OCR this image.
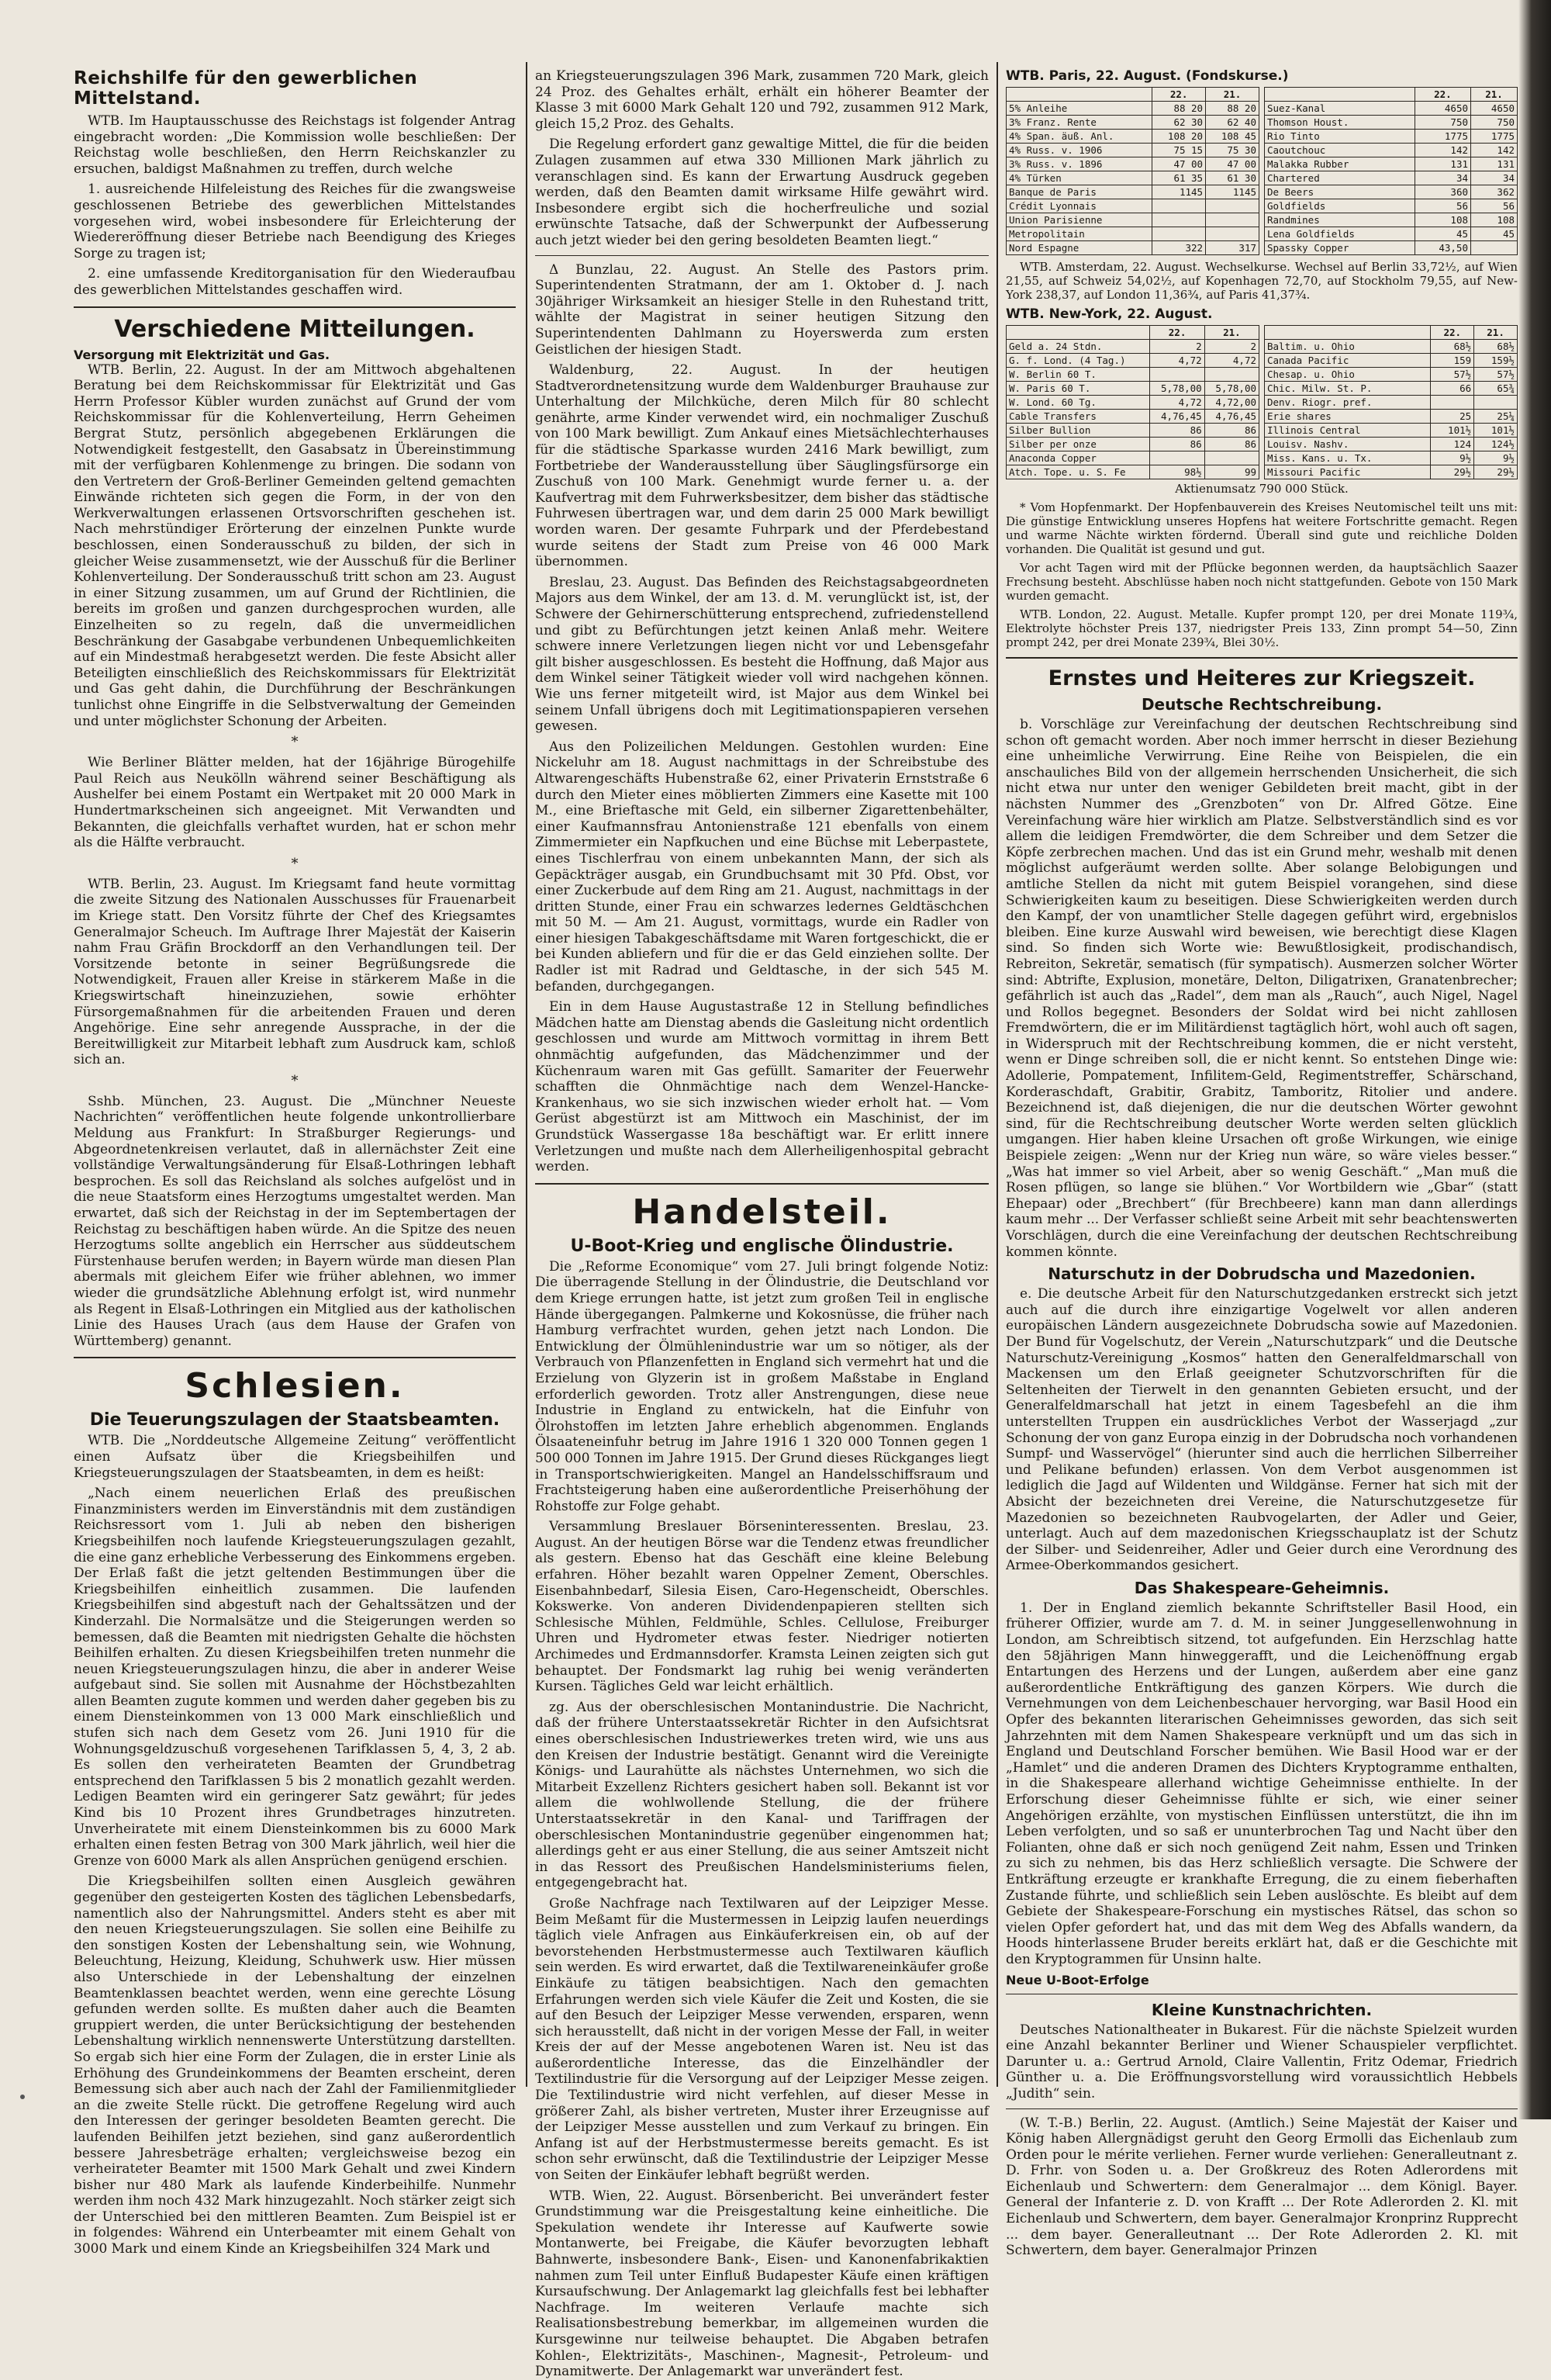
Reichshilfe für den gewerblichen Mittelstand.

WTB. Im Hauptausschusse des Reichstags ist folgender Antrag eingebracht worden: „Die Kommission wolle beschließen: Der Reichstag wolle beschließen, den Herrn Reichskanzler zu ersuchen, baldigst Maßnahmen zu treffen, durch welche

1. ausreichende Hilfeleistung des Reiches für die zwangsweise geschlossenen Betriebe des gewerblichen Mittelstandes vorgesehen wird, wobei insbesondere für Erleichterung der Wiedereröffnung dieser Betriebe nach Beendigung des Krieges Sorge zu tragen ist;

2. eine umfassende Kreditorganisation für den Wiederaufbau des gewerblichen Mittelstandes geschaffen wird.

Verschiedene Mitteilungen.
Versorgung mit Elektrizität und Gas.

WTB. Berlin, 22. August. In der am Mittwoch abgehaltenen Beratung bei dem Reichskommissar für Elektrizität und Gas Herrn Professor Kübler wurden zunächst auf Grund der vom Reichskommissar für die Kohlenverteilung, Herrn Geheimen Bergrat Stutz, persönlich abgegebenen Erklärungen die Notwendigkeit festgestellt, den Gasabsatz in Übereinstimmung mit der verfügbaren Kohlenmenge zu bringen. Die sodann von den Vertretern der Groß-Berliner Gemeinden geltend gemachten Einwände richteten sich gegen die Form, in der von den Werkverwaltungen erlassenen Ortsvorschriften geschehen ist. Nach mehrstündiger Erörterung der einzelnen Punkte wurde beschlossen, einen Sonderausschuß zu bilden, der sich in gleicher Weise zusammensetzt, wie der Ausschuß für die Berliner Kohlenverteilung. Der Sonderausschuß tritt schon am 23. August in einer Sitzung zusammen, um auf Grund der Richtlinien, die bereits im großen und ganzen durchgesprochen wurden, alle Einzelheiten so zu regeln, daß die unvermeidlichen Beschränkung der Gasabgabe verbundenen Unbequemlichkeiten auf ein Mindestmaß herabgesetzt werden. Die feste Absicht aller Beteiligten einschließlich des Reichskommissars für Elektrizität und Gas geht dahin, die Durchführung der Beschränkungen tunlichst ohne Eingriffe in die Selbstverwaltung der Gemeinden und unter möglichster Schonung der Arbeiten.

*

Wie Berliner Blätter melden, hat der 16jährige Bürogehilfe Paul Reich aus Neukölln während seiner Beschäftigung als Aushelfer bei einem Postamt ein Wertpaket mit 20 000 Mark in Hundertmarkscheinen sich angeeignet. Mit Verwandten und Bekannten, die gleichfalls verhaftet wurden, hat er schon mehr als die Hälfte verbraucht.

*

WTB. Berlin, 23. August. Im Kriegsamt fand heute vormittag die zweite Sitzung des Nationalen Ausschusses für Frauenarbeit im Kriege statt. Den Vorsitz führte der Chef des Kriegsamtes Generalmajor Scheuch. Im Auftrage Ihrer Majestät der Kaiserin nahm Frau Gräfin Brockdorff an den Verhandlungen teil. Der Vorsitzende betonte in seiner Begrüßungsrede die Notwendigkeit, Frauen aller Kreise in stärkerem Maße in die Kriegswirtschaft hineinzuziehen, sowie erhöhter Fürsorgemaßnahmen für die arbeitenden Frauen und deren Angehörige. Eine sehr anregende Aussprache, in der die Bereitwilligkeit zur Mitarbeit lebhaft zum Ausdruck kam, schloß sich an.

*

Sshb. München, 23. August. Die „Münchner Neueste Nachrichten“ veröffentlichen heute folgende unkontrollierbare Meldung aus Frankfurt: In Straßburger Regierungs- und Abgeordnetenkreisen verlautet, daß in allernächster Zeit eine vollständige Verwaltungsänderung für Elsaß-Lothringen lebhaft besprochen. Es soll das Reichsland als solches aufgelöst und in die neue Staatsform eines Herzogtums umgestaltet werden. Man erwartet, daß sich der Reichstag in der im Septembertagen der Reichstag zu beschäftigen haben würde. An die Spitze des neuen Herzogtums sollte angeblich ein Herrscher aus süddeutschem Fürstenhause berufen werden; in Bayern würde man diesen Plan abermals mit gleichem Eifer wie früher ablehnen, wo immer wieder die grundsätzliche Ablehnung erfolgt ist, wird nunmehr als Regent in Elsaß-Lothringen ein Mitglied aus der katholischen Linie des Hauses Urach (aus dem Hause der Grafen von Württemberg) genannt.

Schlesien.
Die Teuerungszulagen der Staatsbeamten.

WTB. Die „Norddeutsche Allgemeine Zeitung“ veröffentlicht einen Aufsatz über die Kriegsbeihilfen und Kriegsteuerungszulagen der Staatsbeamten, in dem es heißt:

„Nach einem neuerlichen Erlaß des preußischen Finanzministers werden im Einverständnis mit dem zuständigen Reichsressort vom 1. Juli ab neben den bisherigen Kriegsbeihilfen noch laufende Kriegsteuerungszulagen gezahlt, die eine ganz erhebliche Verbesserung des Einkommens ergeben. Der Erlaß faßt die jetzt geltenden Bestimmungen über die Kriegsbeihilfen einheitlich zusammen. Die laufenden Kriegsbeihilfen sind abgestuft nach der Gehaltssätzen und der Kinderzahl. Die Normalsätze und die Steigerungen werden so bemessen, daß die Beamten mit niedrigsten Gehalte die höchsten Beihilfen erhalten. Zu diesen Kriegsbeihilfen treten nunmehr die neuen Kriegsteuerungszulagen hinzu, die aber in anderer Weise aufgebaut sind. Sie sollen mit Ausnahme der Höchstbezahlten allen Beamten zugute kommen und werden daher gegeben bis zu einem Diensteinkommen von 13 000 Mark einschließlich und stufen sich nach dem Gesetz vom 26. Juni 1910 für die Wohnungsgeldzuschuß vorgesehenen Tarifklassen 5, 4, 3, 2 ab. Es sollen den verheirateten Beamten der Grundbetrag entsprechend den Tarifklassen 5 bis 2 monatlich gezahlt werden. Ledigen Beamten wird ein geringerer Satz gewährt; für jedes Kind bis 10 Prozent ihres Grundbetrages hinzutreten. Unverheiratete mit einem Diensteinkommen bis zu 6000 Mark erhalten einen festen Betrag von 300 Mark jährlich, weil hier die Grenze von 6000 Mark als allen Ansprüchen genügend erschien.

Die Kriegsbeihilfen sollten einen Ausgleich gewähren gegenüber den gesteigerten Kosten des täglichen Lebensbedarfs, namentlich also der Nahrungsmittel. Anders steht es aber mit den neuen Kriegsteuerungszulagen. Sie sollen eine Beihilfe zu den sonstigen Kosten der Lebenshaltung sein, wie Wohnung, Beleuchtung, Heizung, Kleidung, Schuhwerk usw. Hier müssen also Unterschiede in der Lebenshaltung der einzelnen Beamtenklassen beachtet werden, wenn eine gerechte Lösung gefunden werden sollte. Es mußten daher auch die Beamten gruppiert werden, die unter Berücksichtigung der bestehenden Lebenshaltung wirklich nennenswerte Unterstützung darstellten. So ergab sich hier eine Form der Zulagen, die in erster Linie als Erhöhung des Grundeinkommens der Beamten erscheint, deren Bemessung sich aber auch nach der Zahl der Familienmitglieder an die zweite Stelle rückt. Die getroffene Regelung wird auch den Interessen der geringer besoldeten Beamten gerecht. Die laufenden Beihilfen jetzt beziehen, sind ganz außerordentlich bessere Jahresbeträge erhalten; vergleichsweise bezog ein verheirateter Beamter mit 1500 Mark Gehalt und zwei Kindern bisher nur 480 Mark als laufende Kinderbeihilfe. Nunmehr werden ihm noch 432 Mark hinzugezahlt. Noch stärker zeigt sich der Unterschied bei den mittleren Beamten. Zum Beispiel ist er in folgendes: Während ein Unterbeamter mit einem Gehalt von 3000 Mark und einem Kinde an Kriegsbeihilfen 324 Mark und

an Kriegsteuerungszulagen 396 Mark, zusammen 720 Mark, gleich 24 Proz. des Gehaltes erhält, erhält ein höherer Beamter der Klasse 3 mit 6000 Mark Gehalt 120 und 792, zusammen 912 Mark, gleich 15,2 Proz. des Gehalts.

Die Regelung erfordert ganz gewaltige Mittel, die für die beiden Zulagen zusammen auf etwa 330 Millionen Mark jährlich zu veranschlagen sind. Es kann der Erwartung Ausdruck gegeben werden, daß den Beamten damit wirksame Hilfe gewährt wird. Insbesondere ergibt sich die hocherfreuliche und sozial erwünschte Tatsache, daß der Schwerpunkt der Aufbesserung auch jetzt wieder bei den gering besoldeten Beamten liegt.“

Δ Bunzlau, 22. August. An Stelle des Pastors prim. Superintendenten Stratmann, der am 1. Oktober d. J. nach 30jähriger Wirksamkeit an hiesiger Stelle in den Ruhestand tritt, wählte der Magistrat in seiner heutigen Sitzung den Superintendenten Dahlmann zu Hoyerswerda zum ersten Geistlichen der hiesigen Stadt.

Waldenburg, 22. August. In der heutigen Stadtverordnetensitzung wurde dem Waldenburger Brauhause zur Unterhaltung der Milchküche, deren Milch für 80 schlecht genährte, arme Kinder verwendet wird, ein nochmaliger Zuschuß von 100 Mark bewilligt. Zum Ankauf eines Mietsächlechterhauses für die städtische Sparkasse wurden 2416 Mark bewilligt, zum Fortbetriebe der Wanderausstellung über Säuglingsfürsorge ein Zuschuß von 100 Mark. Genehmigt wurde ferner u. a. der Kaufvertrag mit dem Fuhrwerksbesitzer, dem bisher das städtische Fuhrwesen übertragen war, und dem darin 25 000 Mark bewilligt worden waren. Der gesamte Fuhrpark und der Pferdebestand wurde seitens der Stadt zum Preise von 46 000 Mark übernommen.

Breslau, 23. August. Das Befinden des Reichstagsabgeordneten Majors aus dem Winkel, der am 13. d. M. verunglückt ist, ist, der Schwere der Gehirnerschütterung entsprechend, zufriedenstellend und gibt zu Befürchtungen jetzt keinen Anlaß mehr. Weitere schwere innere Verletzungen liegen nicht vor und Lebensgefahr gilt bisher ausgeschlossen. Es besteht die Hoffnung, daß Major aus dem Winkel seiner Tätigkeit wieder voll wird nachgehen können. Wie uns ferner mitgeteilt wird, ist Major aus dem Winkel bei seinem Unfall übrigens doch mit Legitimationspapieren versehen gewesen.

Aus den Polizeilichen Meldungen. Gestohlen wurden: Eine Nickeluhr am 18. August nachmittags in der Schreibstube des Altwarengeschäfts Hubenstraße 62, einer Privaterin Ernststraße 6 durch den Mieter eines möblierten Zimmers eine Kasette mit 100 M., eine Brieftasche mit Geld, ein silberner Zigarettenbehälter, einer Kaufmannsfrau Antonienstraße 121 ebenfalls von einem Zimmermieter ein Napfkuchen und eine Büchse mit Leberpastete, eines Tischlerfrau von einem unbekannten Mann, der sich als Gepäckträger ausgab, ein Grundbuchsamt mit 30 Pfd. Obst, vor einer Zuckerbude auf dem Ring am 21. August, nachmittags in der dritten Stunde, einer Frau ein schwarzes ledernes Geldtäschchen mit 50 M. — Am 21. August, vormittags, wurde ein Radler von einer hiesigen Tabakgeschäftsdame mit Waren fortgeschickt, die er bei Kunden abliefern und für die er das Geld einziehen sollte. Der Radler ist mit Radrad und Geldtasche, in der sich 545 M. befanden, durchgegangen.

Ein in dem Hause Augustastraße 12 in Stellung befindliches Mädchen hatte am Dienstag abends die Gasleitung nicht ordentlich geschlossen und wurde am Mittwoch vormittag in ihrem Bett ohnmächtig aufgefunden, das Mädchenzimmer und der Küchenraum waren mit Gas gefüllt. Samariter der Feuerwehr schafften die Ohnmächtige nach dem Wenzel-Hancke-Krankenhaus, wo sie sich inzwischen wieder erholt hat. — Vom Gerüst abgestürzt ist am Mittwoch ein Maschinist, der im Grundstück Wassergasse 18a beschäftigt war. Er erlitt innere Verletzungen und mußte nach dem Allerheiligenhospital gebracht werden.

Handelsteil.
U-Boot-Krieg und englische Ölindustrie.

Die „Reforme Economique“ vom 27. Juli bringt folgende Notiz: Die überragende Stellung in der Ölindustrie, die Deutschland vor dem Kriege errungen hatte, ist jetzt zum großen Teil in englische Hände übergegangen. Palmkerne und Kokosnüsse, die früher nach Hamburg verfrachtet wurden, gehen jetzt nach London. Die Entwicklung der Ölmühlenindustrie war um so nötiger, als der Verbrauch von Pflanzenfetten in England sich vermehrt hat und die Erzielung von Glyzerin ist in großem Maßstabe in England erforderlich geworden. Trotz aller Anstrengungen, diese neue Industrie in England zu entwickeln, hat die Einfuhr von Ölrohstoffen im letzten Jahre erheblich abgenommen. Englands Ölsaateneinfuhr betrug im Jahre 1916 1 320 000 Tonnen gegen 1 500 000 Tonnen im Jahre 1915. Der Grund dieses Rückganges liegt in Transportschwierigkeiten. Mangel an Handelsschiffsraum und Frachtsteigerung haben eine außerordentliche Preiserhöhung der Rohstoffe zur Folge gehabt.

Versammlung Breslauer Börseninteressenten. Breslau, 23. August. An der heutigen Börse war die Tendenz etwas freundlicher als gestern. Ebenso hat das Geschäft eine kleine Belebung erfahren. Höher bezahlt waren Oppelner Zement, Oberschles. Eisenbahnbedarf, Silesia Eisen, Caro-Hegenscheidt, Oberschles. Kokswerke. Von anderen Dividendenpapieren stellten sich Schlesische Mühlen, Feldmühle, Schles. Cellulose, Freiburger Uhren und Hydrometer etwas fester. Niedriger notierten Archimedes und Erdmannsdorfer. Kramsta Leinen zeigten sich gut behauptet. Der Fondsmarkt lag ruhig bei wenig veränderten Kursen. Tägliches Geld war leicht erhältlich.

zg. Aus der oberschlesischen Montanindustrie. Die Nachricht, daß der frühere Unterstaatssekretär Richter in den Aufsichtsrat eines oberschlesischen Industriewerkes treten wird, wie uns aus den Kreisen der Industrie bestätigt. Genannt wird die Vereinigte Königs- und Laurahütte als nächstes Unternehmen, wo sich die Mitarbeit Exzellenz Richters gesichert haben soll. Bekannt ist vor allem die wohlwollende Stellung, die der frühere Unterstaatssekretär in den Kanal- und Tariffragen der oberschlesischen Montanindustrie gegenüber eingenommen hat; allerdings geht er aus einer Stellung, die aus seiner Amtszeit nicht in das Ressort des Preußischen Handelsministeriums fielen, entgegengebracht hat.

Große Nachfrage nach Textilwaren auf der Leipziger Messe. Beim Meßamt für die Mustermessen in Leipzig laufen neuerdings täglich viele Anfragen aus Einkäuferkreisen ein, ob auf der bevorstehenden Herbstmustermesse auch Textilwaren käuflich sein werden. Es wird erwartet, daß die Textilwareneinkäufer große Einkäufe zu tätigen beabsichtigen. Nach den gemachten Erfahrungen werden sich viele Käufer die Zeit und Kosten, die sie auf den Besuch der Leipziger Messe verwenden, ersparen, wenn sich herausstellt, daß nicht in der vorigen Messe der Fall, in weiter Kreis der auf der Messe angebotenen Waren ist. Neu ist das außerordentliche Interesse, das die Einzelhändler der Textilindustrie für die Versorgung auf der Leipziger Messe zeigen. Die Textilindustrie wird nicht verfehlen, auf dieser Messe in größerer Zahl, als bisher vertreten, Muster ihrer Erzeugnisse auf der Leipziger Messe ausstellen und zum Verkauf zu bringen. Ein Anfang ist auf der Herbstmustermesse bereits gemacht. Es ist schon sehr erwünscht, daß die Textilindustrie der Leipziger Messe von Seiten der Einkäufer lebhaft begrüßt werden.

WTB. Wien, 22. August. Börsenbericht. Bei unverändert fester Grundstimmung war die Preisgestaltung keine einheitliche. Die Spekulation wendete ihr Interesse auf Kaufwerte sowie Montanwerte, bei Freigabe, die Käufer bevorzugten lebhaft Bahnwerte, insbesondere Bank-, Eisen- und Kanonenfabrikaktien nahmen zum Teil unter Einfluß Budapester Käufe einen kräftigen Kursaufschwung. Der Anlagemarkt lag gleichfalls fest bei lebhafter Nachfrage. Im weiteren Verlaufe machte sich Realisationsbestrebung bemerkbar, im allgemeinen wurden die Kursgewinne nur teilweise behauptet. Die Abgaben betrafen Kohlen-, Elektrizitäts-, Maschinen-, Magnesit-, Petroleum- und Dynamitwerte. Der Anlagemarkt war unverändert fest.

WTB. Paris, 22. August. (Fondskurse.)
	22.	21.
5% Anleihe	88 20	88 20
3% Franz. Rente	62 30	62 40
4% Span. äuß. Anl.	108 20	108 45
4% Russ. v. 1906	75 15	75 30
3% Russ. v. 1896	47 00	47 00
4% Türken	61 35	61 30
Banque de Paris	1145	1145
Crédit Lyonnais		
Union Parisienne		
Metropolitain		
Nord Espagne	322	317
	22.	21.
Suez-Kanal	4650	4650
Thomson Houst.	750	750
Rio Tinto	1775	1775
Caoutchouc	142	142
Malakka Rubber	131	131
Chartered	34	34
De Beers	360	362
Goldfields	56	56
Randmines	108	108
Lena Goldfields	45	45
Spassky Copper	43,50	

WTB. Amsterdam, 22. August. Wechselkurse. Wechsel auf Berlin 33,72½, auf Wien 21,55, auf Schweiz 54,02½, auf Kopenhagen 72,70, auf Stockholm 79,55, auf New-York 238,37, auf London 11,36¾, auf Paris 41,37¾.

WTB. New-York, 22. August.
	22.	21.
Geld a. 24 Stdn.	2	2
G. f. Lond. (4 Tag.)	4,72	4,72
W. Berlin 60 T.		
W. Paris 60 T.	5,78,00	5,78,00
W. Lond. 60 Tg.	4,72	4,72,00
Cable Transfers	4,76,45	4,76,45
Silber Bullion	86	86
Silber per onze	86	86
Anaconda Copper		
Atch. Tope. u. S. Fe	98½	99
	22.	21.
Baltim. u. Ohio	68½	68½
Canada Pacific	159	159½
Chesap. u. Ohio	57½	57½
Chic. Milw. St. P.	66	65¾
Denv. Riogr. pref.		
Erie shares	25	25¼
Illinois Central	101½	101½
Louisv. Nashv.	124	124½
Miss. Kans. u. Tx.	9½	9½
Missouri Pacific	29½	29½
Aktienumsatz 790 000 Stück.

* Vom Hopfenmarkt. Der Hopfenbauverein des Kreises Neutomischel teilt uns mit: Die günstige Entwicklung unseres Hopfens hat weitere Fortschritte gemacht. Regen und warme Nächte wirkten fördernd. Überall sind gute und reichliche Dolden vorhanden. Die Qualität ist gesund und gut.

Vor acht Tagen wird mit der Pflücke begonnen werden, da hauptsächlich Saazer Frechsung besteht. Abschlüsse haben noch nicht stattgefunden. Gebote von 150 Mark wurden gemacht.

WTB. London, 22. August. Metalle. Kupfer prompt 120, per drei Monate 119¾, Elektrolyte höchster Preis 137, niedrigster Preis 133, Zinn prompt 54—50, Zinn prompt 242, per drei Monate 239¾, Blei 30½.

Ernstes und Heiteres zur Kriegszeit.
Deutsche Rechtschreibung.

b. Vorschläge zur Vereinfachung der deutschen Rechtschreibung sind schon oft gemacht worden. Aber noch immer herrscht in dieser Beziehung eine unheimliche Verwirrung. Eine Reihe von Beispielen, die ein anschauliches Bild von der allgemein herrschenden Unsicherheit, die sich nicht etwa nur unter den weniger Gebildeten breit macht, gibt in der nächsten Nummer des „Grenzboten“ von Dr. Alfred Götze. Eine Vereinfachung wäre hier wirklich am Platze. Selbstverständlich sind es vor allem die leidigen Fremdwörter, die dem Schreiber und dem Setzer die Köpfe zerbrechen machen. Und das ist ein Grund mehr, weshalb mit denen möglichst aufgeräumt werden sollte. Aber solange Belobigungen und amtliche Stellen da nicht mit gutem Beispiel vorangehen, sind diese Schwierigkeiten kaum zu beseitigen. Diese Schwierigkeiten werden durch den Kampf, der von unamtlicher Stelle dagegen geführt wird, ergebnislos bleiben. Eine kurze Auswahl wird beweisen, wie berechtigt diese Klagen sind. So finden sich Worte wie: Bewußtlosigkeit, prodischandisch, Rebreiton, Sekretär, sematisch (für sympatisch). Ausmerzen solcher Wörter sind: Abtrifte, Explusion, monetäre, Delton, Diligatrixen, Granatenbrecher; gefährlich ist auch das „Radel“, dem man als „Rauch“, auch Nigel, Nagel und Rollos begegnet. Besonders der Soldat wird bei nicht zahllosen Fremdwörtern, die er im Militärdienst tagtäglich hört, wohl auch oft sagen, in Widerspruch mit der Rechtschreibung kommen, die er nicht versteht, wenn er Dinge schreiben soll, die er nicht kennt. So entstehen Dinge wie: Adollerie, Pompatement, Infilitem-Geld, Regimentstreffer, Schärschand, Korderaschdaft, Grabitir, Grabitz, Tamboritz, Ritolier und andere. Bezeichnend ist, daß diejenigen, die nur die deutschen Wörter gewohnt sind, für die Rechtschreibung deutscher Worte werden selten glücklich umgangen. Hier haben kleine Ursachen oft große Wirkungen, wie einige Beispiele zeigen: „Wenn nur der Krieg nun wäre, so wäre vieles besser.“ „Was hat immer so viel Arbeit, aber so wenig Geschäft.“ „Man muß die Rosen pflügen, so lange sie blühen.“ Vor Wortbildern wie „Gbar“ (statt Ehepaar) oder „Brechbert“ (für Brechbeere) kann man dann allerdings kaum mehr ... Der Verfasser schließt seine Arbeit mit sehr beachtenswerten Vorschlägen, durch die eine Vereinfachung der deutschen Rechtschreibung kommen könnte.

Naturschutz in der Dobrudscha und Mazedonien.

e. Die deutsche Arbeit für den Naturschutzgedanken erstreckt sich jetzt auch auf die durch ihre einzigartige Vogelwelt vor allen anderen europäischen Ländern ausgezeichnete Dobrudscha sowie auf Mazedonien. Der Bund für Vogelschutz, der Verein „Naturschutzpark“ und die Deutsche Naturschutz-Vereinigung „Kosmos“ hatten den Generalfeldmarschall von Mackensen um den Erlaß geeigneter Schutzvorschriften für die Seltenheiten der Tierwelt in den genannten Gebieten ersucht, und der Generalfeldmarschall hat jetzt in einem Tagesbefehl an die ihm unterstellten Truppen ein ausdrückliches Verbot der Wasserjagd „zur Schonung der von ganz Europa einzig in der Dobrudscha noch vorhandenen Sumpf- und Wasservögel“ (hierunter sind auch die herrlichen Silberreiher und Pelikane befunden) erlassen. Von dem Verbot ausgenommen ist lediglich die Jagd auf Wildenten und Wildgänse. Ferner hat sich mit der Absicht der bezeichneten drei Vereine, die Naturschutzgesetze für Mazedonien so bezeichneten Raubvogelarten, der Adler und Geier, unterlagt. Auch auf dem mazedonischen Kriegsschauplatz ist der Schutz der Silber- und Seidenreiher, Adler und Geier durch eine Verordnung des Armee-Oberkommandos gesichert.

Das Shakespeare-Geheimnis.

1. Der in England ziemlich bekannte Schriftsteller Basil Hood, ein früherer Offizier, wurde am 7. d. M. in seiner Junggesellenwohnung in London, am Schreibtisch sitzend, tot aufgefunden. Ein Herzschlag hatte den 58jährigen Mann hinweggerafft, und die Leichenöffnung ergab Entartungen des Herzens und der Lungen, außerdem aber eine ganz außerordentliche Entkräftigung des ganzen Körpers. Wie durch die Vernehmungen von dem Leichenbeschauer hervorging, war Basil Hood ein Opfer des bekannten literarischen Geheimnisses geworden, das sich seit Jahrzehnten mit dem Namen Shakespeare verknüpft und um das sich in England und Deutschland Forscher bemühen. Wie Basil Hood war er der „Hamlet“ und die anderen Dramen des Dichters Kryptogramme enthalten, in die Shakespeare allerhand wichtige Geheimnisse enthielte. In der Erforschung dieser Geheimnisse fühlte er sich, wie einer seiner Angehörigen erzählte, von mystischen Einflüssen unterstützt, die ihn im Leben verfolgten, und so saß er ununterbrochen Tag und Nacht über den Folianten, ohne daß er sich noch genügend Zeit nahm, Essen und Trinken zu sich zu nehmen, bis das Herz schließlich versagte. Die Schwere der Entkräftung erzeugte er krankhafte Erregung, die zu einem fieberhaften Zustande führte, und schließlich sein Leben auslöschte. Es bleibt auf dem Gebiete der Shakespeare-Forschung ein mystisches Rätsel, das schon so vielen Opfer gefordert hat, und das mit dem Weg des Abfalls wandern, da Hoods hinterlassene Bruder bereits erklärt hat, daß er die Geschichte mit den Kryptogrammen für Unsinn halte.

Neue U-Boot-Erfolge
Kleine Kunstnachrichten.

Deutsches Nationaltheater in Bukarest. Für die nächste Spielzeit wurden eine Anzahl bekannter Berliner und Wiener Schauspieler verpflichtet. Darunter u. a.: Gertrud Arnold, Claire Vallentin, Fritz Odemar, Friedrich Günther u. a. Die Eröffnungsvorstellung wird voraussichtlich Hebbels „Judith“ sein.

(W. T.-B.) Berlin, 22. August. (Amtlich.) Seine Majestät der Kaiser und König haben Allergnädigst geruht den Georg Ermolli das Eichenlaub zum Orden pour le mérite verliehen. Ferner wurde verliehen: Generalleutnant z. D. Frhr. von Soden u. a. Der Großkreuz des Roten Adlerordens mit Eichenlaub und Schwertern: dem Generalmajor ... dem Königl. Bayer. General der Infanterie z. D. von Krafft ... Der Rote Adlerorden 2. Kl. mit Eichenlaub und Schwertern, dem bayer. Generalmajor Kronprinz Rupprecht ... dem bayer. Generalleutnant ... Der Rote Adlerorden 2. Kl. mit Schwertern, dem bayer. Generalmajor Prinzen
